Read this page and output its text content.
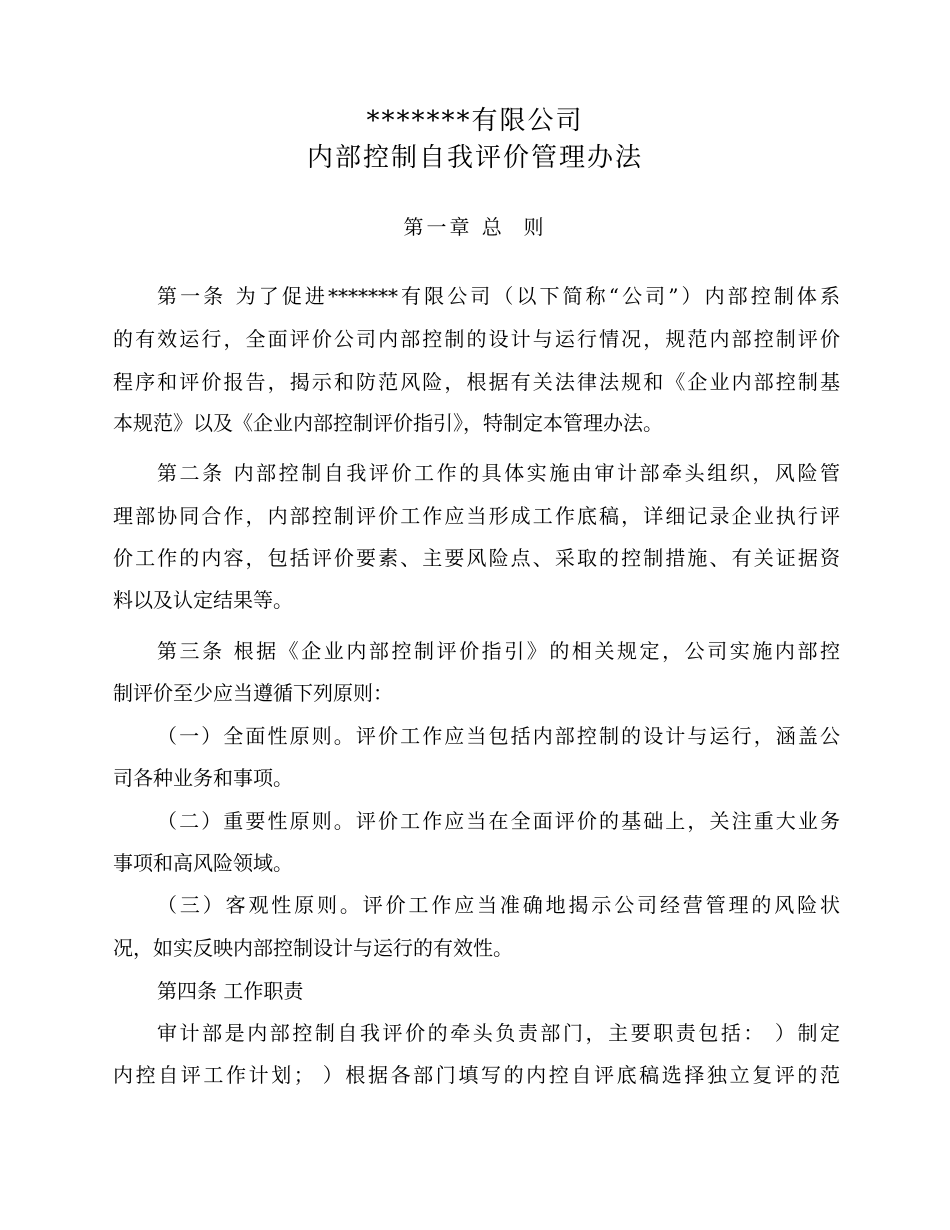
*******有限公司
内部控制自我评价管理办法
第一章 总  则
第一条 为了促进*******有限公司（以下简称“公司”）内部控制体系
的有效运行，全面评价公司内部控制的设计与运行情况，规范内部控制评价
程序和评价报告，揭示和防范风险，根据有关法律法规和《企业内部控制基
本规范》以及《企业内部控制评价指引》，特制定本管理办法。
第二条 内部控制自我评价工作的具体实施由审计部牵头组织，风险管
理部协同合作，内部控制评价工作应当形成工作底稿，详细记录企业执行评
价工作的内容，包括评价要素、主要风险点、采取的控制措施、有关证据资
料以及认定结果等。
第三条 根据《企业内部控制评价指引》的相关规定，公司实施内部控
制评价至少应当遵循下列原则：
（一）全面性原则。评价工作应当包括内部控制的设计与运行，涵盖公
司各种业务和事项。
（二）重要性原则。评价工作应当在全面评价的基础上，关注重大业务
事项和高风险领域。
（三）客观性原则。评价工作应当准确地揭示公司经营管理的风险状
况，如实反映内部控制设计与运行的有效性。
第四条 工作职责
审计部是内部控制自我评价的牵头负责部门，主要职责包括： ）制定
内控自评工作计划； ）根据各部门填写的内控自评底稿选择独立复评的范
